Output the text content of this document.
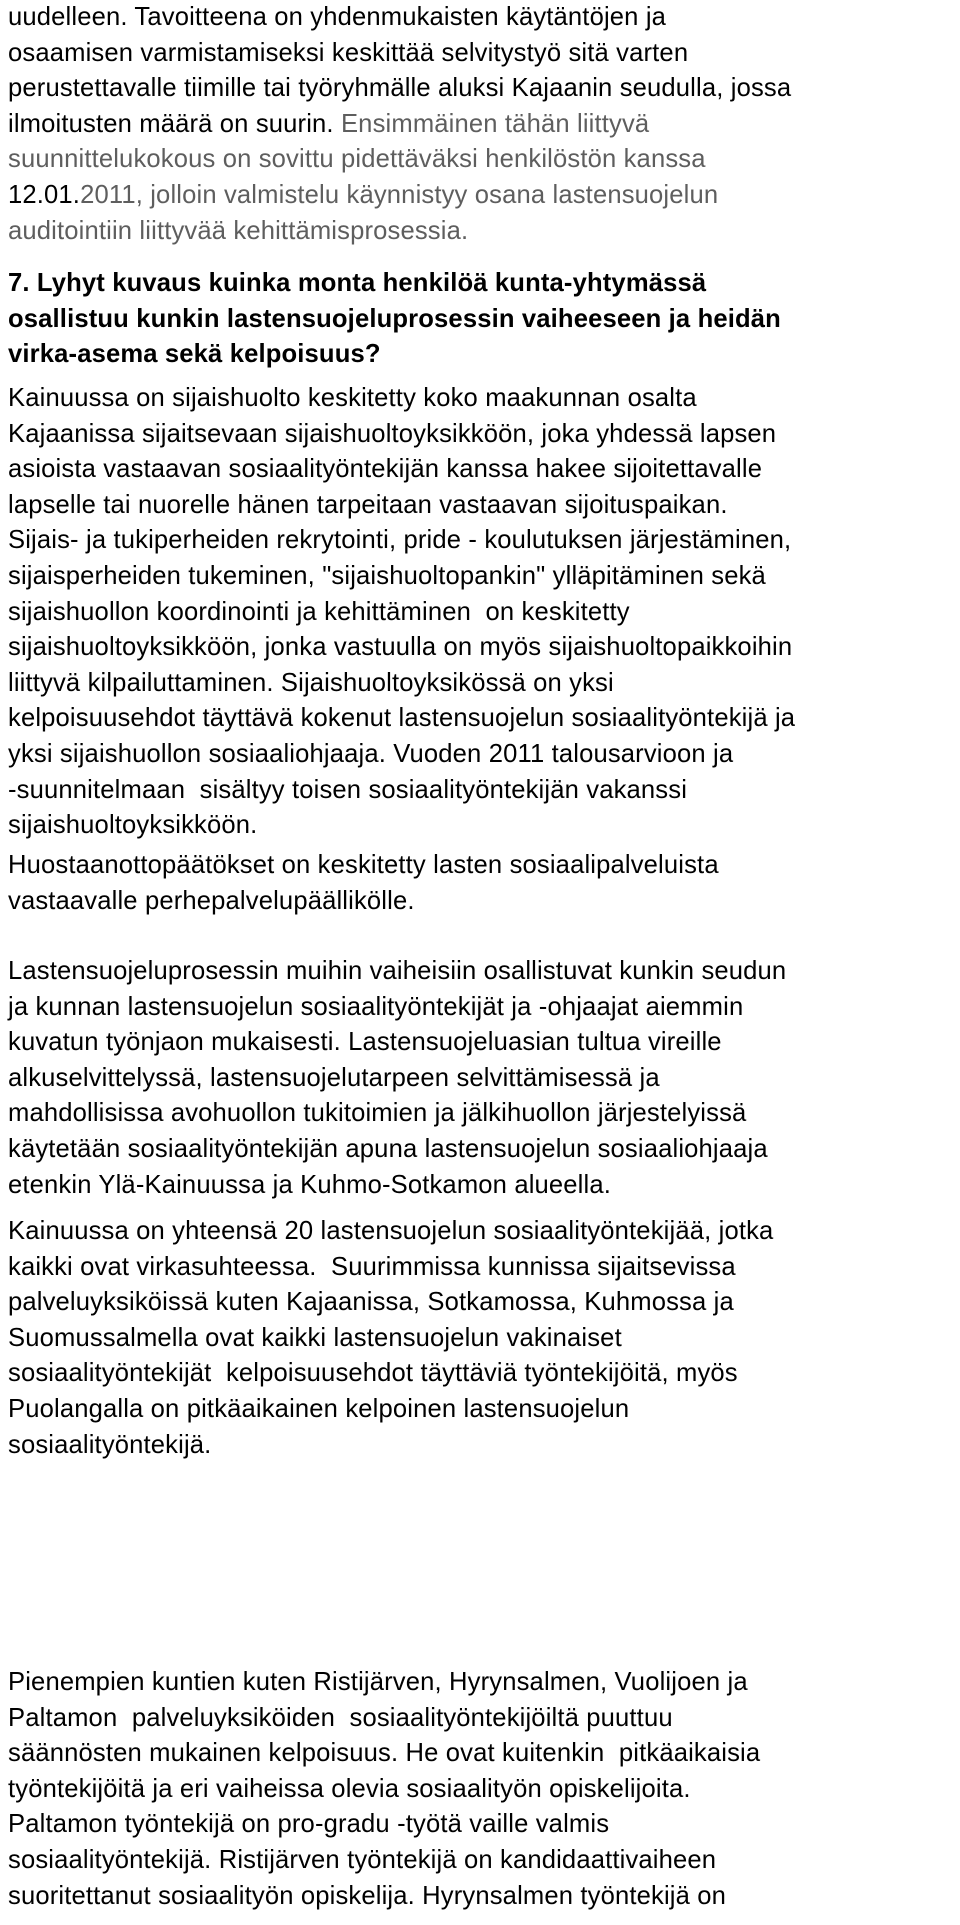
uudelleen. Tavoitteena on yhdenmukaisten käytäntöjen ja
osaamisen varmistamiseksi keskittää selvitystyö sitä varten
perustettavalle tiimille tai työryhmälle aluksi Kajaanin seudulla, jossa
ilmoitusten määrä on suurin. Ensimmäinen tähän liittyvä
suunnittelukokous on sovittu pidettäväksi henkilöstön kanssa
12.01.2011, jolloin valmistelu käynnistyy osana lastensuojelun
auditointiin liittyvää kehittämisprosessia.
7. Lyhyt kuvaus kuinka monta henkilöä kunta-yhtymässä
osallistuu kunkin lastensuojeluprosessin vaiheeseen ja heidän
virka-asema sekä kelpoisuus?
Kainuussa on sijaishuolto keskitetty koko maakunnan osalta
Kajaanissa sijaitsevaan sijaishuoltoyksikköön, joka yhdessä lapsen
asioista vastaavan sosiaalityöntekijän kanssa hakee sijoitettavalle
lapselle tai nuorelle hänen tarpeitaan vastaavan sijoituspaikan.
Sijais- ja tukiperheiden rekrytointi, pride - koulutuksen järjestäminen,
sijaisperheiden tukeminen, "sijaishuoltopankin" ylläpitäminen sekä
sijaishuollon koordinointi ja kehittäminen  on keskitetty
sijaishuoltoyksikköön, jonka vastuulla on myös sijaishuoltopaikkoihin
liittyvä kilpailuttaminen. Sijaishuoltoyksikössä on yksi
kelpoisuusehdot täyttävä kokenut lastensuojelun sosiaalityöntekijä ja
yksi sijaishuollon sosiaaliohjaaja. Vuoden 2011 talousarvioon ja
-suunnitelmaan  sisältyy toisen sosiaalityöntekijän vakanssi
sijaishuoltoyksikköön.
Huostaanottopäätökset on keskitetty lasten sosiaalipalveluista
vastaavalle perhepalvelupäällikölle.
Lastensuojeluprosessin muihin vaiheisiin osallistuvat kunkin seudun
ja kunnan lastensuojelun sosiaalityöntekijät ja -ohjaajat aiemmin
kuvatun työnjaon mukaisesti. Lastensuojeluasian tultua vireille
alkuselvittelyssä, lastensuojelutarpeen selvittämisessä ja
mahdollisissa avohuollon tukitoimien ja jälkihuollon järjestelyissä
käytetään sosiaalityöntekijän apuna lastensuojelun sosiaaliohjaaja
etenkin Ylä-Kainuussa ja Kuhmo-Sotkamon alueella.
Kainuussa on yhteensä 20 lastensuojelun sosiaalityöntekijää, jotka
kaikki ovat virkasuhteessa.  Suurimmissa kunnissa sijaitsevissa
palveluyksiköissä kuten Kajaanissa, Sotkamossa, Kuhmossa ja
Suomussalmella ovat kaikki lastensuojelun vakinaiset
sosiaalityöntekijät  kelpoisuusehdot täyttäviä työntekijöitä, myös
Puolangalla on pitkäaikainen kelpoinen lastensuojelun
sosiaalityöntekijä.
Pienempien kuntien kuten Ristijärven, Hyrynsalmen, Vuolijoen ja
Paltamon  palveluyksiköiden  sosiaalityöntekijöiltä puuttuu
säännösten mukainen kelpoisuus. He ovat kuitenkin  pitkäaikaisia
työntekijöitä ja eri vaiheissa olevia sosiaalityön opiskelijoita.
Paltamon työntekijä on pro-gradu -työtä vaille valmis
sosiaalityöntekijä. Ristijärven työntekijä on kandidaattivaiheen
suoritettanut sosiaalityön opiskelija. Hyrynsalmen työntekijä on
